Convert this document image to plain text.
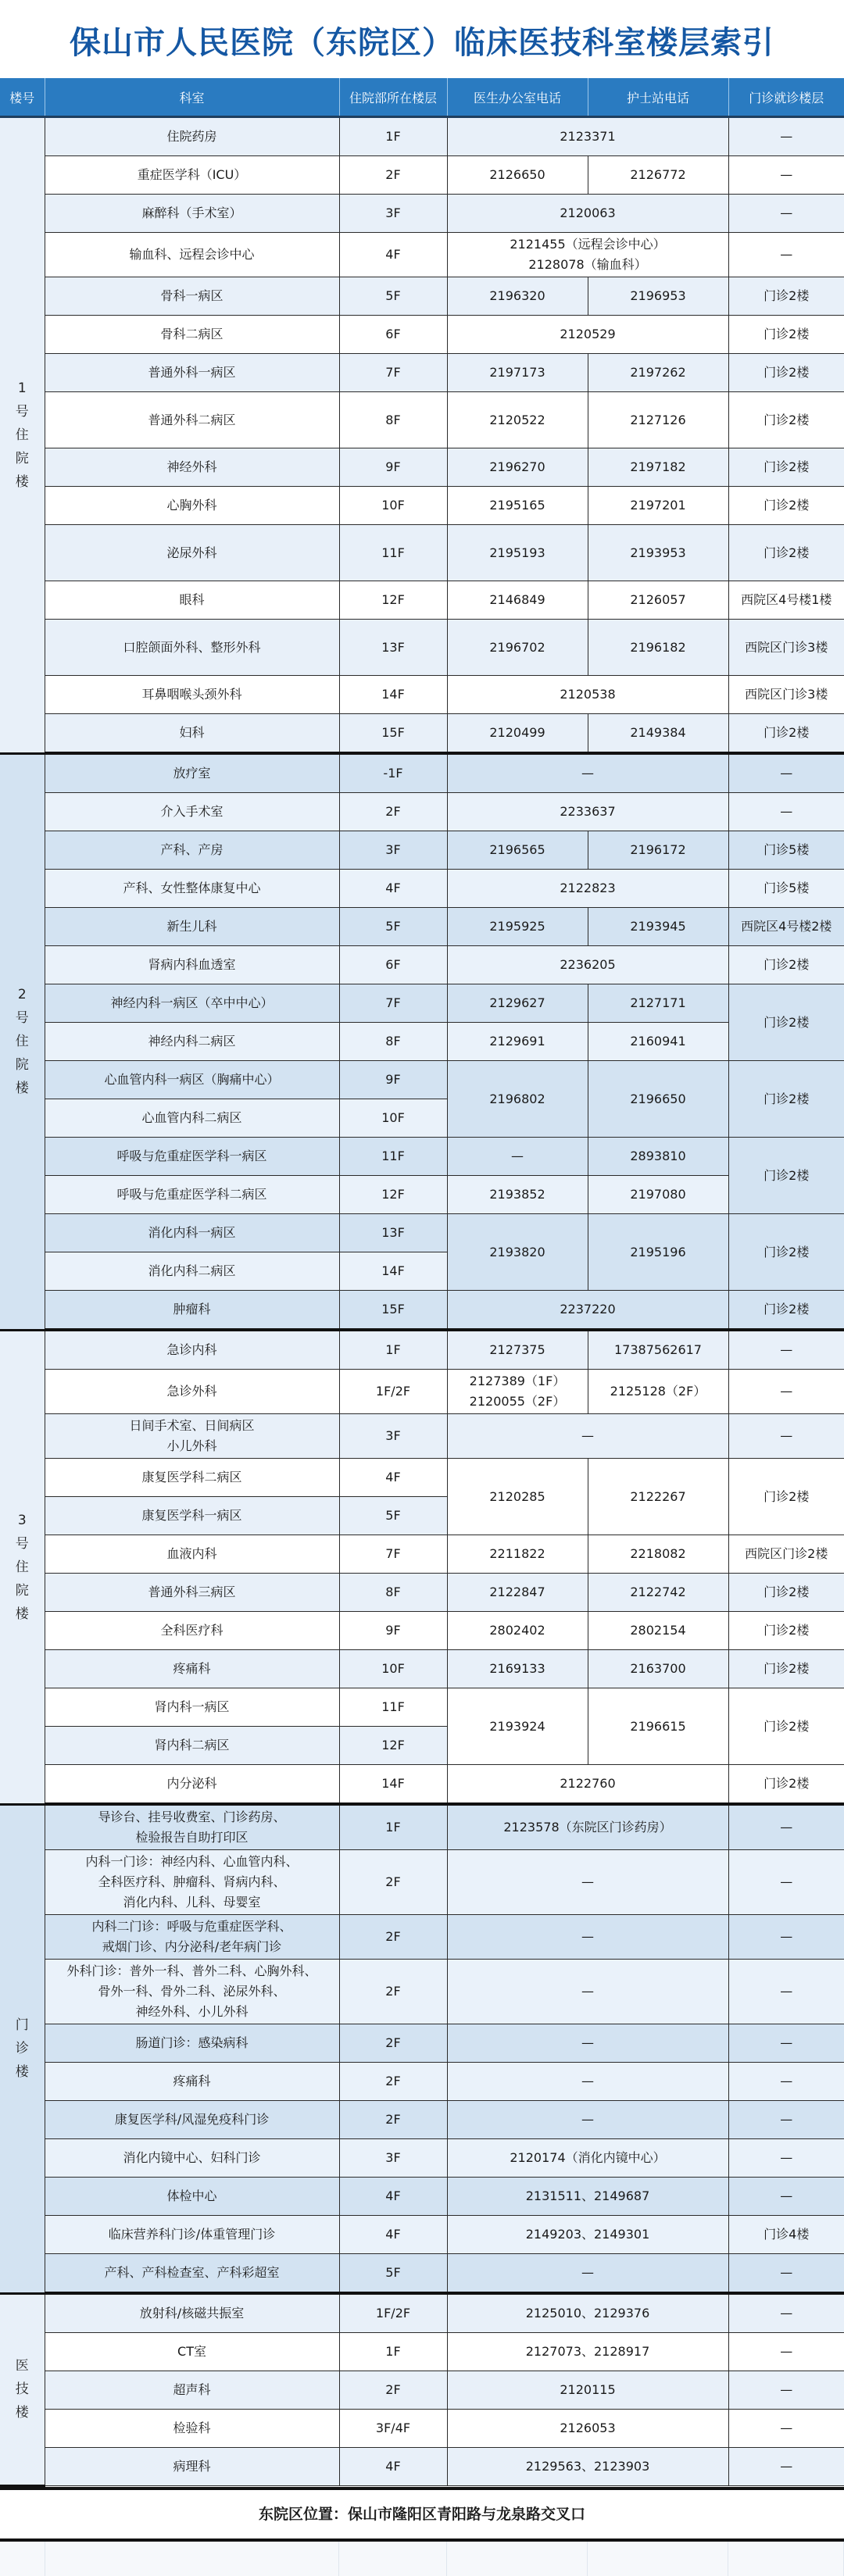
保山市人民医院（东院区）临床医技科室楼层索引
楼号	科室	住院部所在楼层	医生办公室电话	护士站电话	门诊就诊楼层

1
号
住
院
楼	住院药房	1F	2123371		—

	重症医学科（ICU）	2F	2126650	2126772	—

	麻醉科（手术室）	3F	2120063		—

	输血科、远程会诊中心	4F	2121455（远程会诊中心）
2128078（输血科）		—

	骨科一病区	5F	2196320	2196953	门诊2楼

	骨科二病区	6F	2120529		门诊2楼

	普通外科一病区	7F	2197173	2197262	门诊2楼

	普通外科二病区	8F	2120522	2127126	门诊2楼

	神经外科	9F	2196270	2197182	门诊2楼

	心胸外科	10F	2195165	2197201	门诊2楼

	泌尿外科	11F	2195193	2193953	门诊2楼

	眼科	12F	2146849	2126057	西院区4号楼1楼

	口腔颌面外科、整形外科	13F	2196702	2196182	西院区门诊3楼

	耳鼻咽喉头颈外科	14F	2120538		西院区门诊3楼

	妇科	15F	2120499	2149384	门诊2楼

2
号
住
院
楼	放疗室	-1F	—		—

	介入手术室	2F	2233637		—

	产科、产房	3F	2196565	2196172	门诊5楼

	产科、女性整体康复中心	4F	2122823		门诊5楼

	新生儿科	5F	2195925	2193945	西院区4号楼2楼

	肾病内科血透室	6F	2236205		门诊2楼

	神经内科一病区（卒中中心）	7F	2129627	2127171	门诊2楼

	神经内科二病区	8F	2129691	2160941	

	心血管内科一病区（胸痛中心）	9F	2196802	2196650	门诊2楼

	心血管内科二病区	10F			

	呼吸与危重症医学科一病区	11F	—	2893810	门诊2楼

	呼吸与危重症医学科二病区	12F	2193852	2197080	

	消化内科一病区	13F	2193820	2195196	门诊2楼

	消化内科二病区	14F			

	肿瘤科	15F	2237220		门诊2楼

3
号
住
院
楼	急诊内科	1F	2127375	17387562617	—

	急诊外科	1F/2F	2127389（1F）
2120055（2F）	2125128（2F）	—

	日间手术室、日间病区
小儿外科	3F	—		—

	康复医学科二病区	4F	2120285	2122267	门诊2楼

	康复医学科一病区	5F			

	血液内科	7F	2211822	2218082	西院区门诊2楼

	普通外科三病区	8F	2122847	2122742	门诊2楼

	全科医疗科	9F	2802402	2802154	门诊2楼

	疼痛科	10F	2169133	2163700	门诊2楼

	肾内科一病区	11F	2193924	2196615	门诊2楼

	肾内科二病区	12F			

	内分泌科	14F	2122760		门诊2楼

门
诊
楼

导诊台、挂号收费室、门诊药房、
检验报告自助打印区
	1F	2123578（东院区门诊药房）	—

	内科一门诊：神经内科、心血管内科、
全科医疗科、肿瘤科、肾病内科、
消化内科、儿科、母婴室	2F	—		—

	内科二门诊：呼吸与危重症医学科、
戒烟门诊、内分泌科/老年病门诊	2F	—		—

	外科门诊：普外一科、普外二科、心胸外科、
骨外一科、骨外二科、泌尿外科、
神经外科、小儿外科	2F	—		—

	肠道门诊：感染病科	2F	—		—

	疼痛科	2F	—		—

	康复医学科/风湿免疫科门诊	2F	—		—

	消化内镜中心、妇科门诊	3F	2120174（消化内镜中心）		—

	体检中心	4F	2131511、2149687		—

	临床营养科门诊/体重管理门诊	4F	2149203、2149301		门诊4楼

	产科、产科检查室、产科彩超室	5F	—		—

医
技
楼	放射科/核磁共振室	1F/2F	2125010、2129376		—

	CT室	1F	2127073、2128917		—

	超声科	2F	2120115		—

	检验科	3F/4F	2126053		—

	病理科	4F	2129563、2123903		—
东院区位置：保山市隆阳区青阳路与龙泉路交叉口
